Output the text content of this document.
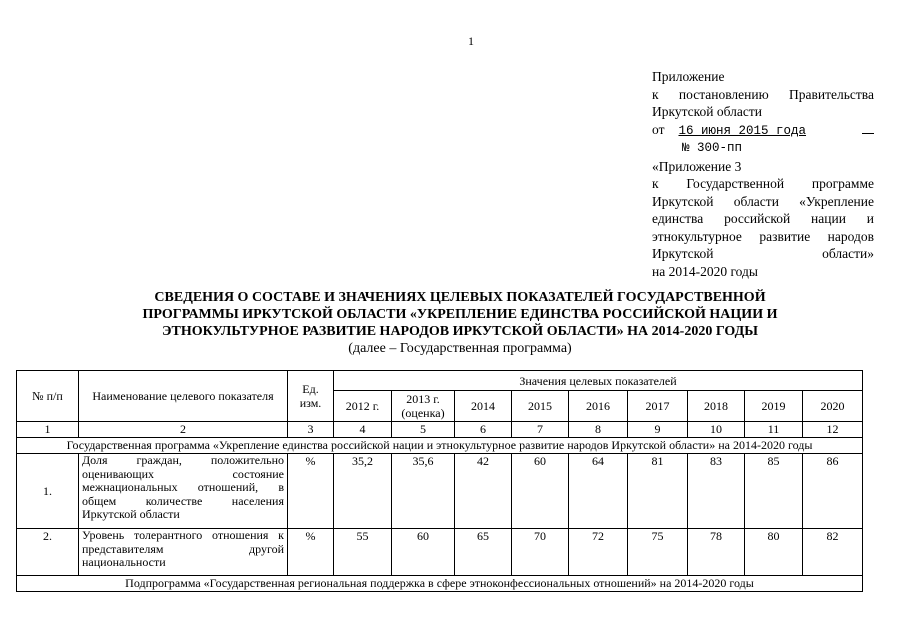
1
Приложение
к постановлению Правительства
Иркутской области
от 16 июня 2015 года
№ 300-пп
«Приложение 3
к Государственной программе
Иркутской области «Укрепление
единства российской нации и
этнокультурное развитие народов
Иркутской области»
на 2014-2020 годы
СВЕДЕНИЯ О СОСТАВЕ И ЗНАЧЕНИЯХ ЦЕЛЕВЫХ ПОКАЗАТЕЛЕЙ ГОСУДАРСТВЕННОЙ
ПРОГРАММЫ ИРКУТСКОЙ ОБЛАСТИ «УКРЕПЛЕНИЕ ЕДИНСТВА РОССИЙСКОЙ НАЦИИ И
ЭТНОКУЛЬТУРНОЕ РАЗВИТИЕ НАРОДОВ ИРКУТСКОЙ ОБЛАСТИ» НА 2014-2020 ГОДЫ
(далее – Государственная программа)
№ п/п	Наименование целевого показателя	Ед. изм.	Значения целевых показателей								
			2012 г.	2013 г. (оценка)	2014	2015	2016	2017	2018	2019	2020
1	2	3	4	5	6	7	8	9	10	11	12
Государственная программа «Укрепление единства российской нации и этнокультурное развитие народов Иркутской области» на 2014-2020 годы											
1.	Доля граждан, положительно оценивающих состояние межнациональных отношений, в общем количестве населения Иркутской области	%	35,2	35,6	42	60	64	81	83	85	86
2.	Уровень толерантного отношения к представителям другой национальности	%	55	60	65	70	72	75	78	80	82
Подпрограмма «Государственная региональная поддержка в сфере этноконфессиональных отношений» на 2014-2020 годы											
